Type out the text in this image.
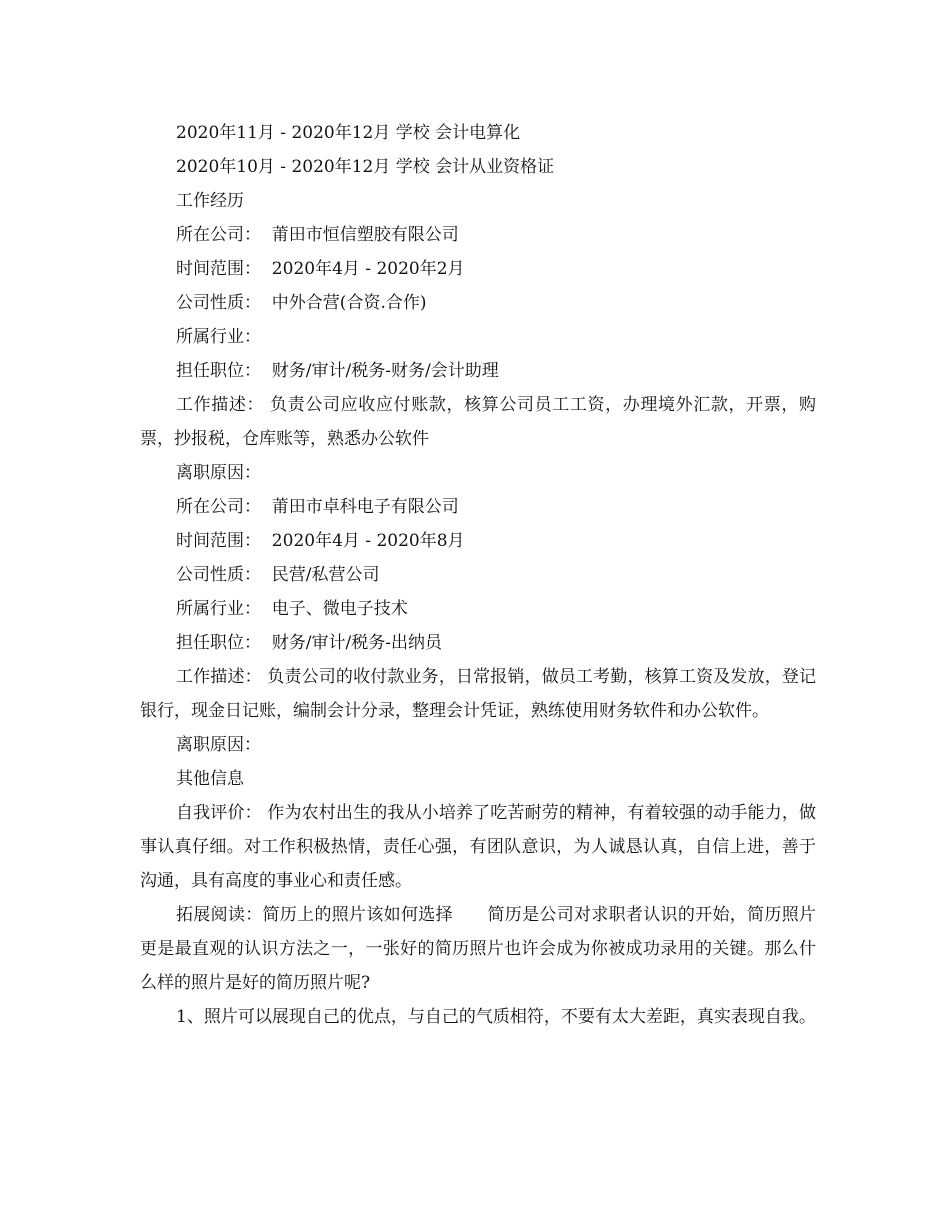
2020年11月 - 2020年12月 学校 会计电算化
2020年10月 - 2020年12月 学校 会计从业资格证
工作经历
所在公司：  莆田市恒信塑胶有限公司
时间范围：  2020年4月 - 2020年2月
公司性质：  中外合营(合资.合作)
所属行业：
担任职位：  财务/审计/税务-财务/会计助理
工作描述： 负责公司应收应付账款，核算公司员工工资，办理境外汇款，开票，购票，抄报税，仓库账等，熟悉办公软件
离职原因：
所在公司：  莆田市卓科电子有限公司
时间范围：  2020年4月 - 2020年8月
公司性质：  民营/私营公司
所属行业：  电子、微电子技术
担任职位：  财务/审计/税务-出纳员
工作描述： 负责公司的收付款业务，日常报销，做员工考勤，核算工资及发放，登记银行，现金日记账，编制会计分录，整理会计凭证，熟练使用财务软件和办公软件。
离职原因：
其他信息
自我评价： 作为农村出生的我从小培养了吃苦耐劳的精神，有着较强的动手能力，做事认真仔细。对工作积极热情，责任心强，有团队意识，为人诚恳认真，自信上进，善于沟通，具有高度的事业心和责任感。
拓展阅读：简历上的照片该如何选择　　简历是公司对求职者认识的开始，简历照片更是最直观的认识方法之一，一张好的简历照片也许会成为你被成功录用的关键。那么什么样的照片是好的简历照片呢?
1、照片可以展现自己的优点，与自己的气质相符，不要有太大差距，真实表现自我。
